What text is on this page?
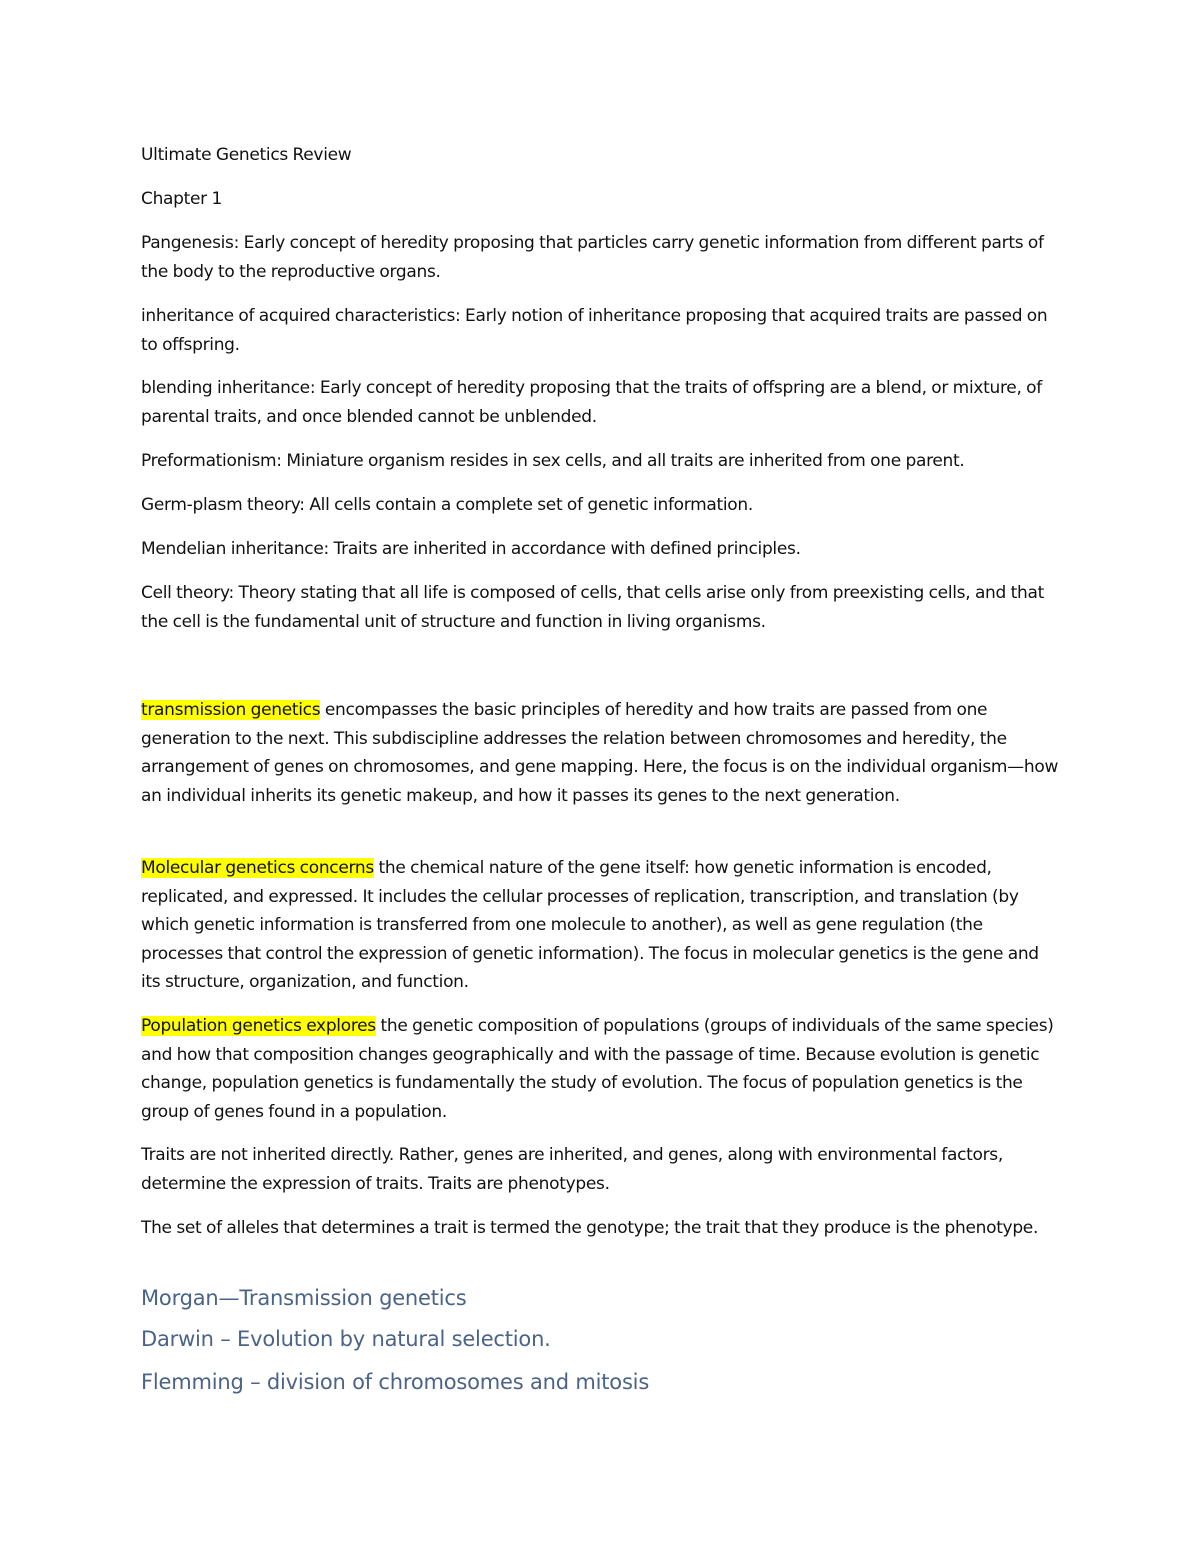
Ultimate Genetics Review

Chapter 1

Pangenesis: Early concept of heredity proposing that particles carry genetic information from different parts of the body to the reproductive organs.

inheritance of acquired characteristics: Early notion of inheritance proposing that acquired traits are passed on to offspring.

blending inheritance: Early concept of heredity proposing that the traits of offspring are a blend, or mixture, of parental traits, and once blended cannot be unblended.

Preformationism: Miniature organism resides in sex cells, and all traits are inherited from one parent.

Germ-plasm theory: All cells contain a complete set of genetic information.

Mendelian inheritance: Traits are inherited in accordance with defined principles.

Cell theory: Theory stating that all life is composed of cells, that cells arise only from preexisting cells, and that the cell is the fundamental unit of structure and function in living organisms.

transmission genetics encompasses the basic principles of heredity and how traits are passed from one generation to the next. This subdiscipline addresses the relation between chromosomes and heredity, the arrangement of genes on chromosomes, and gene mapping. Here, the focus is on the individual organism—how an individual inherits its genetic makeup, and how it passes its genes to the next generation.

Molecular genetics concerns the chemical nature of the gene itself: how genetic information is encoded, replicated, and expressed. It includes the cellular processes of replication, transcription, and translation (by which genetic information is transferred from one molecule to another), as well as gene regulation (the processes that control the expression of genetic information). The focus in molecular genetics is the gene and its structure, organization, and function.

Population genetics explores the genetic composition of populations (groups of individuals of the same species) and how that composition changes geographically and with the passage of time. Because evolution is genetic change, population genetics is fundamentally the study of evolution. The focus of population genetics is the group of genes found in a population.

Traits are not inherited directly. Rather, genes are inherited, and genes, along with environmental factors, determine the expression of traits. Traits are phenotypes.

The set of alleles that determines a trait is termed the genotype; the trait that they produce is the phenotype.

Morgan—Transmission genetics

Darwin – Evolution by natural selection.

Flemming – division of chromosomes and mitosis
